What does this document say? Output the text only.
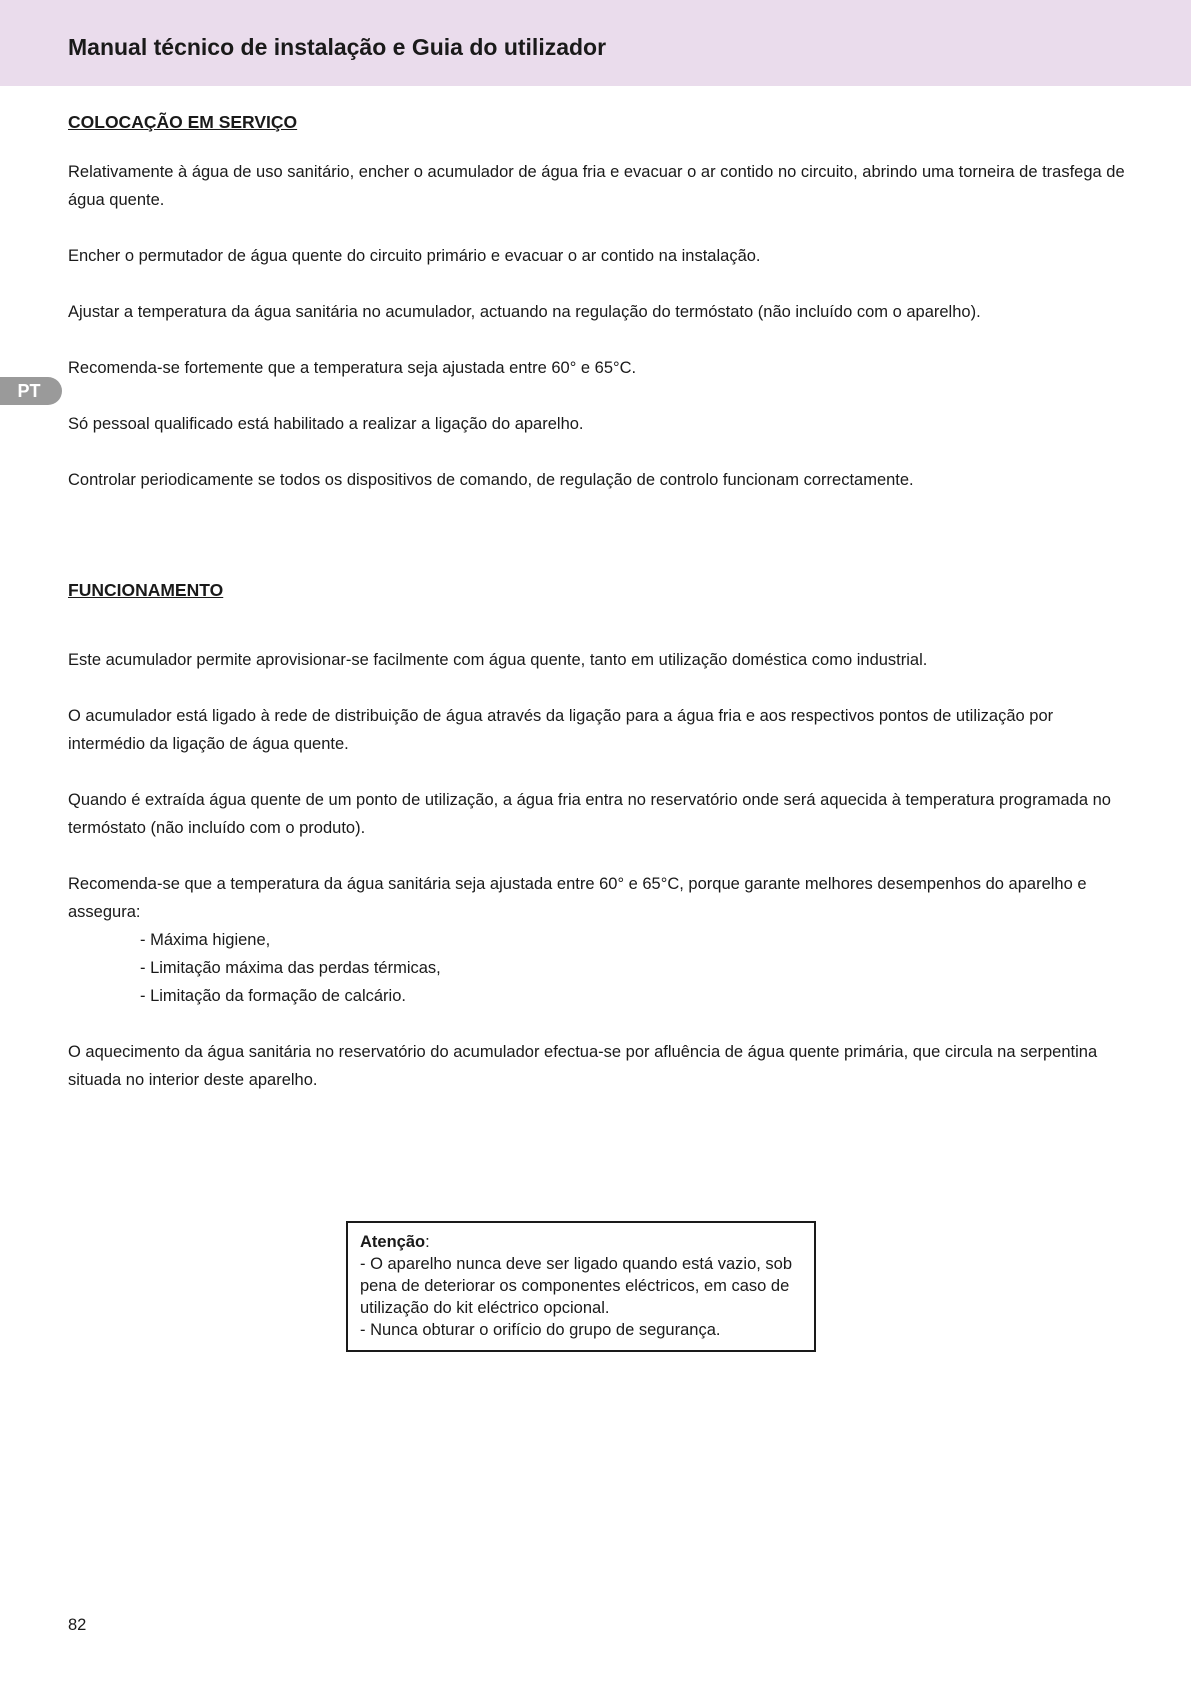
Manual técnico de instalação e Guia do utilizador
PT
COLOCAÇÃO EM SERVIÇO

Relativamente à água de uso sanitário, encher o acumulador de água fria e evacuar o ar contido no circuito, abrindo uma torneira de trasfega de água quente.

Encher o permutador de água quente do circuito primário e evacuar o ar contido na instalação.

Ajustar a temperatura da água sanitária no acumulador, actuando na regulação do termóstato (não incluído com o aparelho).

Recomenda-se fortemente que a temperatura seja ajustada entre 60° e 65°C.

Só pessoal qualificado está habilitado a realizar a ligação do aparelho.

Controlar periodicamente se todos os dispositivos de comando, de regulação de controlo funcionam correctamente.

FUNCIONAMENTO

Este acumulador permite aprovisionar-se facilmente com água quente, tanto em utilização doméstica como industrial.

O acumulador está ligado à rede de distribuição de água através da ligação para a água fria e aos respectivos pontos de utilização por intermédio da ligação de água quente.

Quando é extraída água quente de um ponto de utilização, a água fria entra no reservatório onde será aquecida à temperatura programada no termóstato (não incluído com o produto).

Recomenda-se que a temperatura da água sanitária seja ajustada entre 60° e 65°C, porque garante melhores desempenhos do aparelho e assegura:

- Máxima higiene,
- Limitação máxima das perdas térmicas,
- Limitação da formação de calcário.

O aquecimento da água sanitária no reservatório do acumulador efectua-se por afluência de água quente primária, que circula na serpentina situada no interior deste aparelho.

Atenção:
- O aparelho nunca deve ser ligado quando está vazio, sob pena de deteriorar os componentes eléctricos, em caso de utilização do kit eléctrico opcional.
- Nunca obturar o orifício do grupo de segurança.
82
